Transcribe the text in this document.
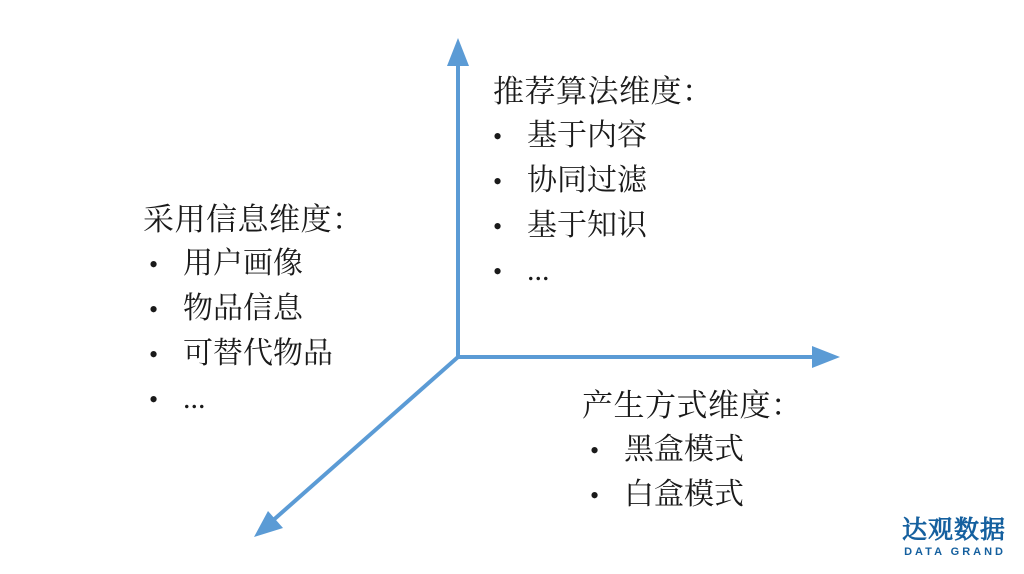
推荐算法维度：
• 基于内容
• 协同过滤
• 基于知识
• ...
采用信息维度：
• 用户画像
• 物品信息
• 可替代物品
• ...	产生方式维度：
• 黑盒模式
• 白盒模式
达观数据
DATA GRAND
